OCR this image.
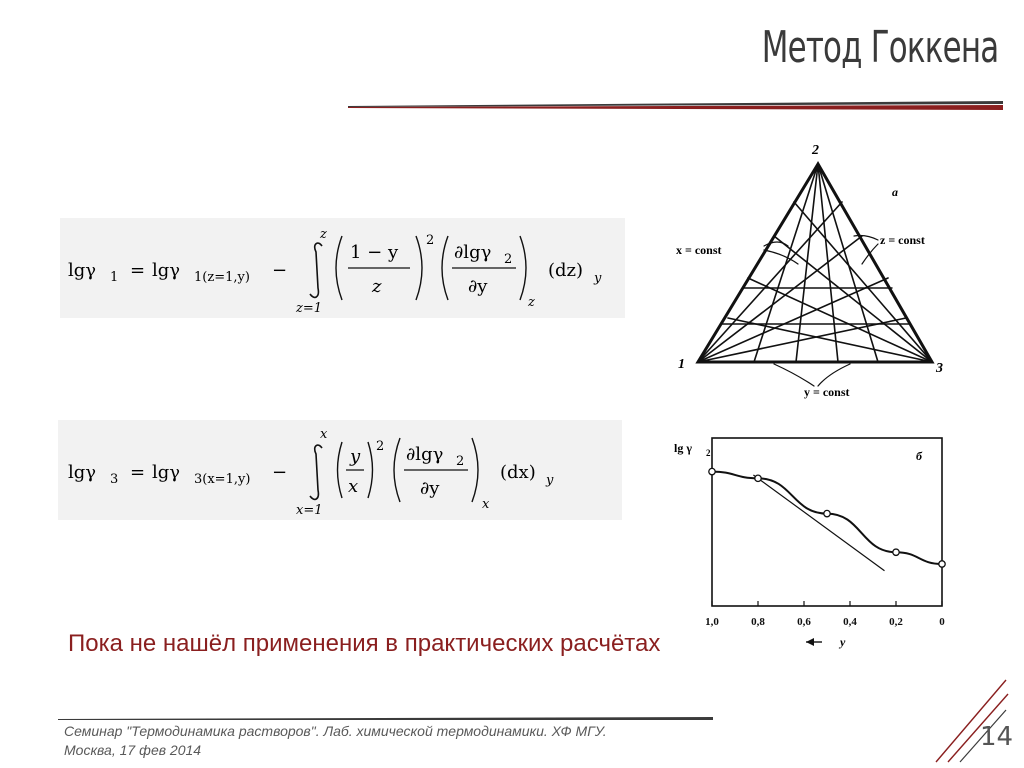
Метод Гоккена
lgγ 1 = lgγ 1(z=1,y) −
z
z=1
1 − y
z
2
∂lgγ 2
∂y
z
(dz) y
lgγ 3 = lgγ 3(x=1,y) −
x
x=1
y
x
2 ∂lgγ 2
∂y
x
(dx) y
2
1	3
a
x = const
z = const
y = const
lg γ 2	б
1,0	0,8	0,6	0,4	0,2	0
y
Пока не нашёл применения в практических расчётах
Семинар "Термодинамика растворов". Лаб. химической термодинамики. ХФ МГУ.
Москва, 17 фев 2014	14
